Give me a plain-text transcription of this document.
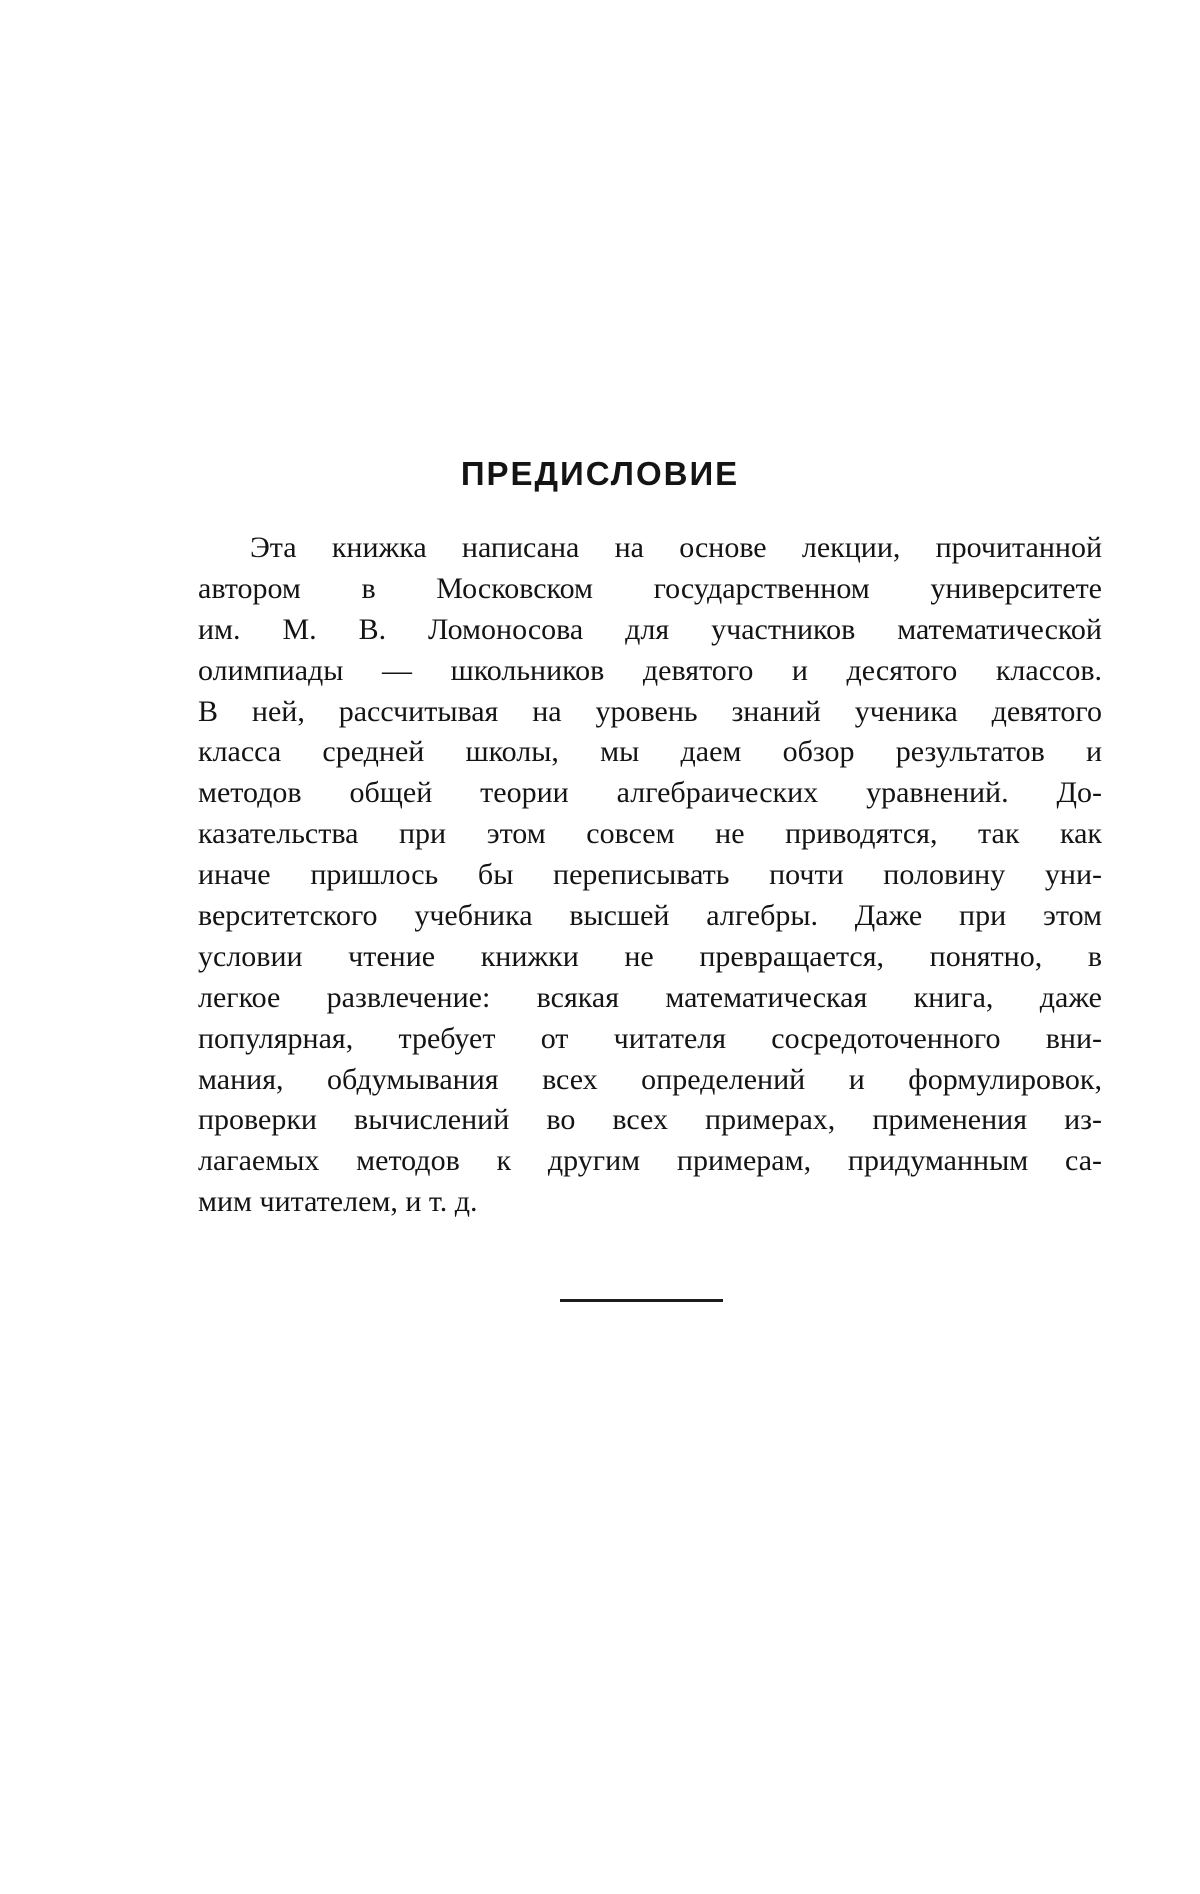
ПРЕДИСЛОВИЕ
Эта книжка написана на основе лекции, прочитанной
автором в Московском государственном университете
им. М. В. Ломоносова для участников математической
олимпиады — школьников девятого и десятого классов.
В ней, рассчитывая на уровень знаний ученика девятого
класса средней школы, мы даем обзор результатов и
методов общей теории алгебраических уравнений. До-
казательства при этом совсем не приводятся, так как
иначе пришлось бы переписывать почти половину уни-
верситетского учебника высшей алгебры. Даже при этом
условии чтение книжки не превращается, понятно, в
легкое развлечение: всякая математическая книга, даже
популярная, требует от читателя сосредоточенного вни-
мания, обдумывания всех определений и формулировок,
проверки вычислений во всех примерах, применения из-
лагаемых методов к другим примерам, придуманным са-
мим читателем, и т. д.
